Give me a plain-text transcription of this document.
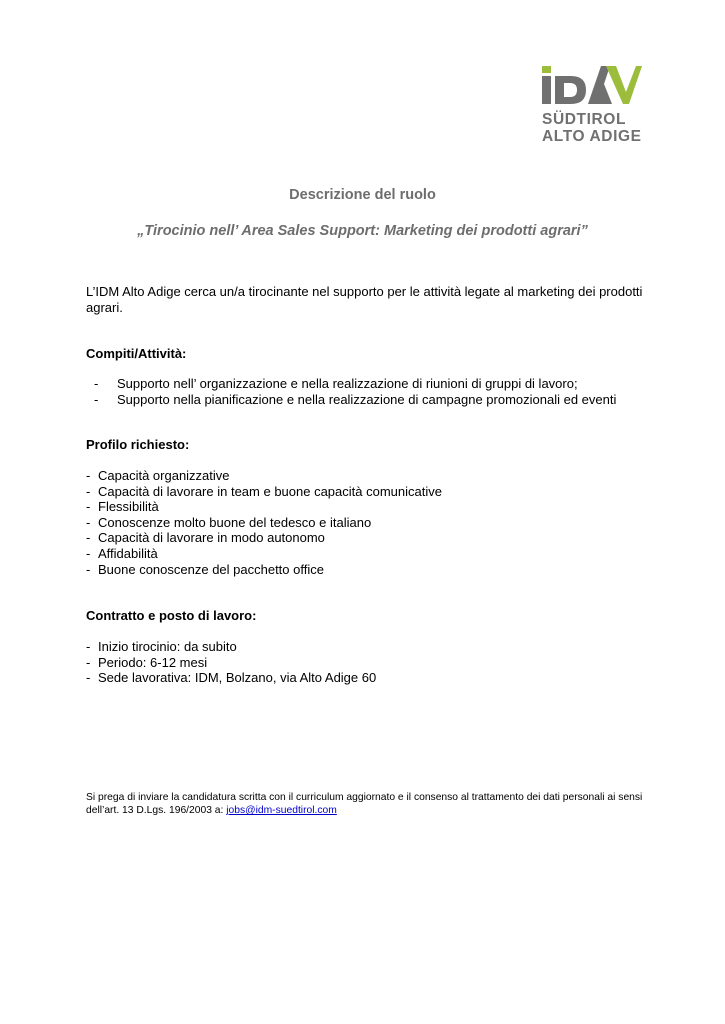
SÜDTIROL
ALTO ADIGE
Descrizione del ruolo
„Tirocinio nell’ Area Sales Support: Marketing dei prodotti agrari”
L’IDM Alto Adige cerca un/a tirocinante nel supporto per le attività legate al marketing dei prodotti agrari.
Compiti/Attività:
- Supporto nell’ organizzazione e nella realizzazione di riunioni di gruppi di lavoro;
- Supporto nella pianificazione e nella realizzazione di campagne promozionali ed eventi
Profilo richiesto:
- Capacità organizzative
- Capacità di lavorare in team e buone capacità comunicative
- Flessibilità
- Conoscenze molto buone del tedesco e italiano
- Capacità di lavorare in modo autonomo
- Affidabilità
- Buone conoscenze del pacchetto office
Contratto e posto di lavoro:
- Inizio tirocinio: da subito
- Periodo: 6-12 mesi
- Sede lavorativa: IDM, Bolzano, via Alto Adige 60
Si prega di inviare la candidatura scritta con il curriculum aggiornato e il consenso al trattamento dei dati personali ai sensi dell’art. 13 D.Lgs. 196/2003 a: jobs@idm-suedtirol.com
